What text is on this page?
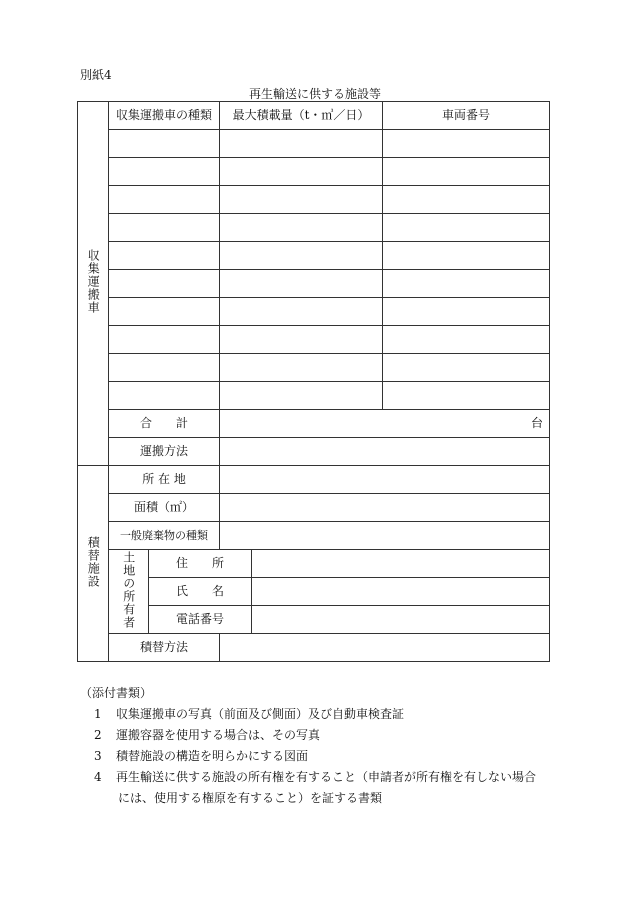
別紙4
再生輸送に供する施設等
収集運搬車	収集運搬車の種類		最大積載量（t・㎥／日）		車両番号

	合　　計		台		
	運搬方法				
積替施設	所 在 地				
	面積（㎡）				
	一般廃棄物の種類				
	土地の所有者	住　　所			
		氏　　名			
		電話番号			
	積替方法				
（添付書類）
1 収集運搬車の写真（前面及び側面）及び自動車検査証
2 運搬容器を使用する場合は、その写真
3 積替施設の構造を明らかにする図面
4 再生輸送に供する施設の所有権を有すること（申請者が所有権を有しない場合
には、使用する権原を有すること）を証する書類
